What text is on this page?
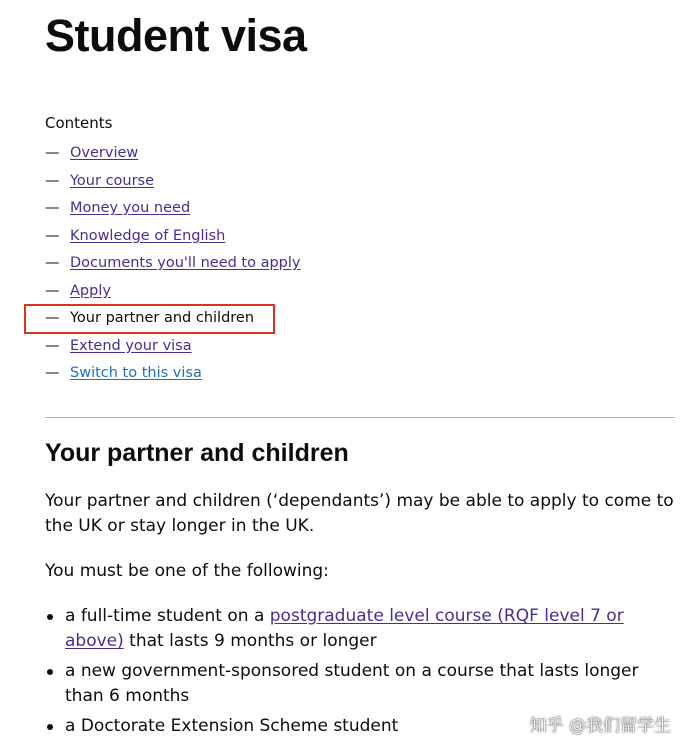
Student visa

Contents

— Overview
— Your course
— Money you need
— Knowledge of English
— Documents you'll need to apply
— Apply
— Your partner and children
— Extend your visa
— Switch to this visa
Your partner and children

Your partner and children (‘dependants’) may be able to apply to come to the UK or stay longer in the UK.

You must be one of the following:

a full-time student on a postgraduate level course (RQF level 7 or above) that lasts 9 months or longer
a new government-sponsored student on a course that lasts longer than 6 months
a Doctorate Extension Scheme student	知乎 @我们留学生
